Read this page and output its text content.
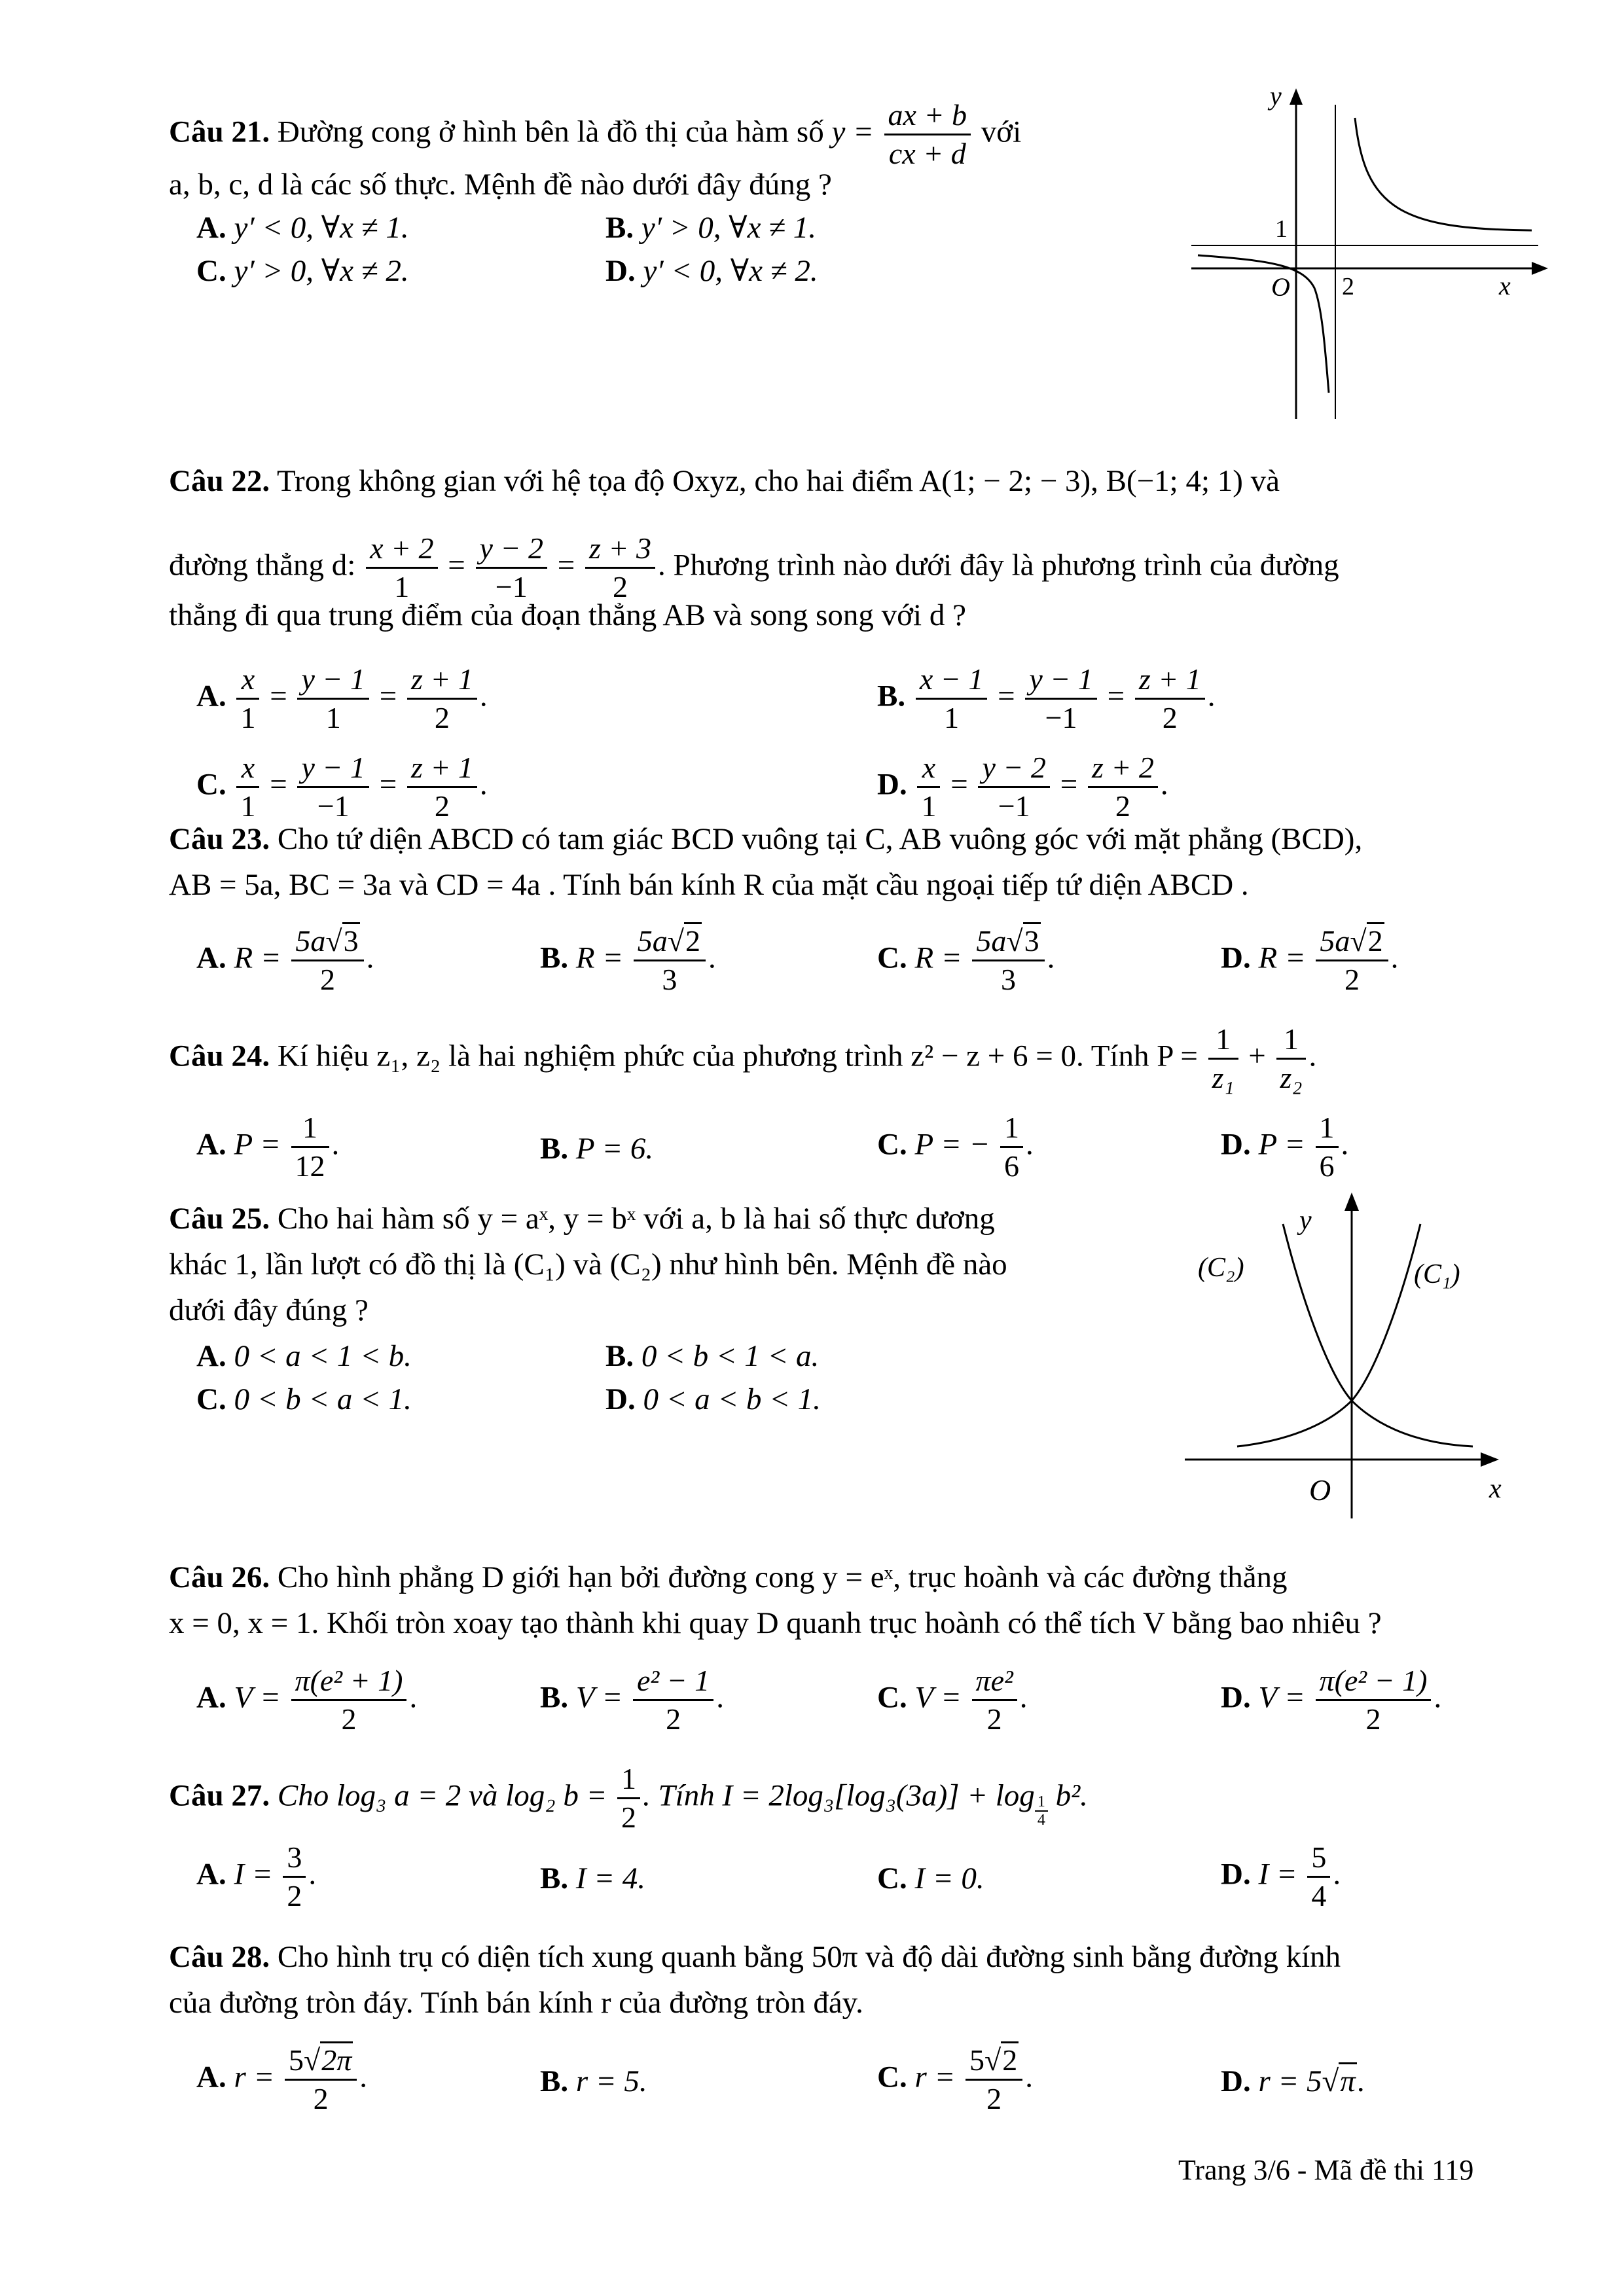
Câu 21. Đường cong ở hình bên là đồ thị của hàm số $y = \frac{ax + b}{cx + d}$ với
a, b, c, d là các số thực. Mệnh đề nào dưới đây đúng ?
A. y′ < 0, ∀x ≠ 1.	B. y′ > 0, ∀x ≠ 1.
C. y′ > 0, ∀x ≠ 2.	D. y′ < 0, ∀x ≠ 2.
y
1
O 2	x
Câu 22. Trong không gian với hệ tọa độ Oxyz, cho hai điểm A(1; − 2; − 3), B(−1; 4; 1) và
đường thẳng d: $\frac{x + 2}{1} = \frac{y - 2}{-1} = \frac{z + 3}{2}$ . Phương trình nào dưới đây là phương trình của đường
thẳng đi qua trung điểm của đoạn thẳng AB và song song với d ?
A. $\frac{x}{1} = \frac{y - 1}{1} = \frac{z + 1}{2}$ .	B. $\frac{x - 1}{1} = \frac{y - 1}{-1} = \frac{z + 1}{2}$ .
C. $\frac{x}{1} = \frac{y - 1}{-1} = \frac{z + 1}{2}$ .	D. $\frac{x}{1} = \frac{y - 2}{-1} = \frac{z + 2}{2}$ .
Câu 23. Cho tứ diện ABCD có tam giác BCD vuông tại C, AB vuông góc với mặt phẳng (BCD),
AB = 5a, BC = 3a và CD = 4a . Tính bán kính R của mặt cầu ngoại tiếp tứ diện ABCD .
A. $R = \frac{5a√3}{2}$ .	B. $R = \frac{5a√2}{3}$ .	C. $R = \frac{5a√3}{3}$ .	D. $R = \frac{5a√2}{2}$ .
Câu 24. Kí hiệu z₁, z₂ là hai nghiệm phức của phương trình z² − z + 6 = 0. Tính $P = \frac{1}{\text{z₁}} + \frac{1}{\text{z₂}}$ .
A. $P = \frac{1}{12}$ .	B. P = 6.	C. P = − $\frac{1}{6}$ .	D. $P = \frac{1}{6}$ .
Câu 25. Cho hai hàm số y = aˣ, y = bˣ với a, b là hai số thực dương
khác 1, lần lượt có đồ thị là (C₁) và (C₂) như hình bên. Mệnh đề nào
dưới đây đúng ?
A. 0 < a < 1 < b.	B. 0 < b < 1 < a.
C. 0 < b < a < 1.	D. 0 < a < b < 1.
y
(C₂)	(C₁)
O	x
Câu 26. Cho hình phẳng D giới hạn bởi đường cong y = eˣ, trục hoành và các đường thẳng
x = 0, x = 1. Khối tròn xoay tạo thành khi quay D quanh trục hoành có thể tích V bằng bao nhiêu ?
A. $V = \frac{\text{π(e² + 1)}}{2}$ .	B. $V = \frac{\text{e² − 1}}{2}$ .	C. $V = \frac{\text{πe²}}{2}$ .	D. $V = \frac{\text{π(e² − 1)}}{2}$ .
Câu 27. Cho log₃ a = 2 và log₂ $b = \frac{1}{2}$ . Tính $I = 2\log_3[\log_3(3a)] + \log \frac{1}{4} b^2$.
A. $I = \frac{3}{2}$ .	B. I = 4.	C. I = 0.	D. $I = \frac{5}{4}$ .
Câu 28. Cho hình trụ có diện tích xung quanh bằng 50π và độ dài đường sinh bằng đường kính
của đường tròn đáy. Tính bán kính r của đường tròn đáy.
A. $r = \frac{5√2\pi}{2}$ .	B. r = 5.	C. $r = \frac{5√2}{2}$ .	D. r = 5√π.
Trang 3/6 - Mã đề thi 119
